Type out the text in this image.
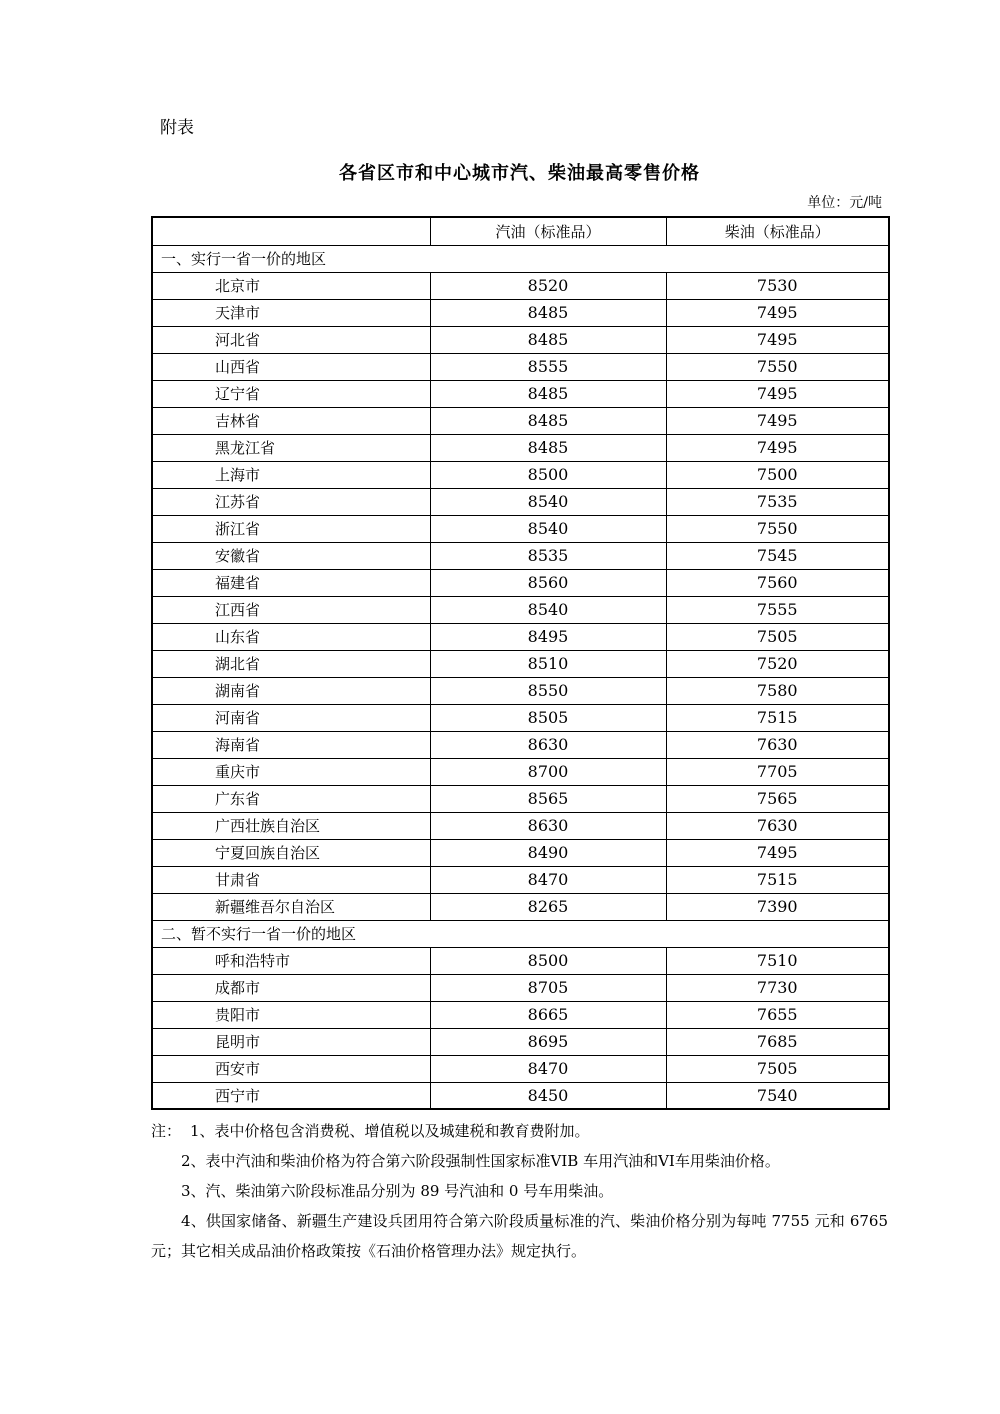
附表
各省区市和中心城市汽、柴油最高零售价格
单位：元/吨
	汽油（标准品）	柴油（标准品）
一、实行一省一价的地区		
北京市	8520	7530
天津市	8485	7495
河北省	8485	7495
山西省	8555	7550
辽宁省	8485	7495
吉林省	8485	7495
黑龙江省	8485	7495
上海市	8500	7500
江苏省	8540	7535
浙江省	8540	7550
安徽省	8535	7545
福建省	8560	7560
江西省	8540	7555
山东省	8495	7505
湖北省	8510	7520
湖南省	8550	7580
河南省	8505	7515
海南省	8630	7630
重庆市	8700	7705
广东省	8565	7565
广西壮族自治区	8630	7630
宁夏回族自治区	8490	7495
甘肃省	8470	7515
新疆维吾尔自治区	8265	7390
二、暂不实行一省一价的地区		
呼和浩特市	8500	7510
成都市	8705	7730
贵阳市	8665	7655
昆明市	8695	7685
西安市	8470	7505
西宁市	8450	7540

注： 1、表中价格包含消费税、增值税以及城建税和教育费附加。

2、表中汽油和柴油价格为符合第六阶段强制性国家标准VIB 车用汽油和VI车用柴油价格。

3、汽、柴油第六阶段标准品分别为 89 号汽油和 0 号车用柴油。

4、供国家储备、新疆生产建设兵团用符合第六阶段质量标准的汽、柴油价格分别为每吨 7755 元和 6765 元；其它相关成品油价格政策按《石油价格管理办法》规定执行。
